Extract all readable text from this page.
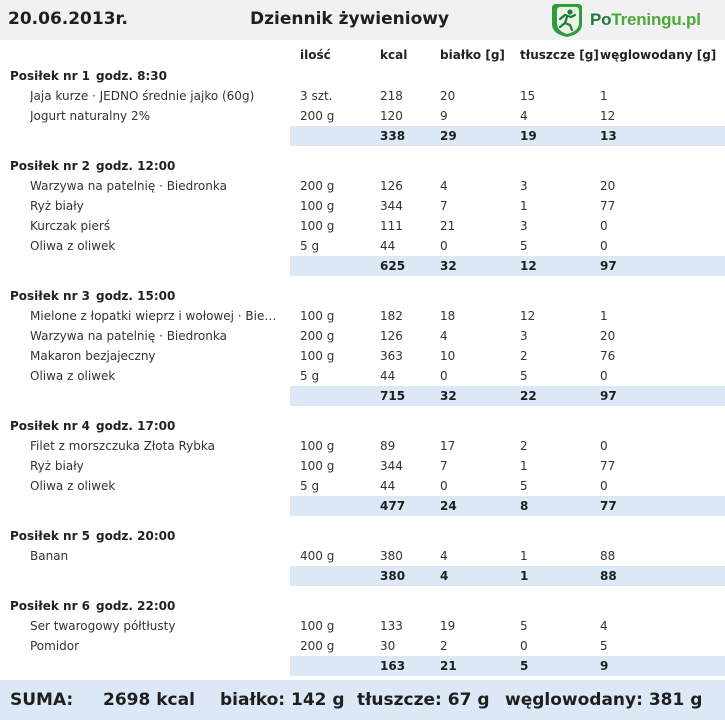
20.06.2013r.	Dziennik żywieniowy	PoTreningu.pl
ilość	kcal	białko [g] tłuszcze [g] węglowodany [g]
Posiłek nr 1 godz. 8:30
Jaja kurze · JEDNO średnie jajko (60g)	3 szt.	218	20	15	1
Jogurt naturalny 2%	200 g	120	9	4	12
338	29	19	13
Posiłek nr 2 godz. 12:00
Warzywa na patelnię · Biedronka	200 g	126	4	3	20
Ryż biały	100 g	344	7	1	77
Kurczak pierś	100 g	111	21	3	0
Oliwa z oliwek	5 g	44	0	5	0
625	32	12	97
Posiłek nr 3 godz. 15:00
Mielone z łopatki wieprz i wołowej · Bie… 100 g	182	18	12	1
Warzywa na patelnię · Biedronka	200 g	126	4	3	20
Makaron bezjajeczny	100 g	363	10	2	76
Oliwa z oliwek	5 g	44	0	5	0
715	32	22	97
Posiłek nr 4 godz. 17:00
Filet z morszczuka Złota Rybka	100 g	89	17	2	0
Ryż biały	100 g	344	7	1	77
Oliwa z oliwek	5 g	44	0	5	0
477	24	8	77
Posiłek nr 5 godz. 20:00
Banan	400 g	380	4	1	88
380	4	1	88
Posiłek nr 6 godz. 22:00
Ser twarogowy półtłusty	100 g	133	19	5	4
Pomidor	200 g	30	2	0	5
163	21	5	9
SUMA: 2698 kcal białko: 142 g tłuszcze: 67 g węglowodany: 381 g
